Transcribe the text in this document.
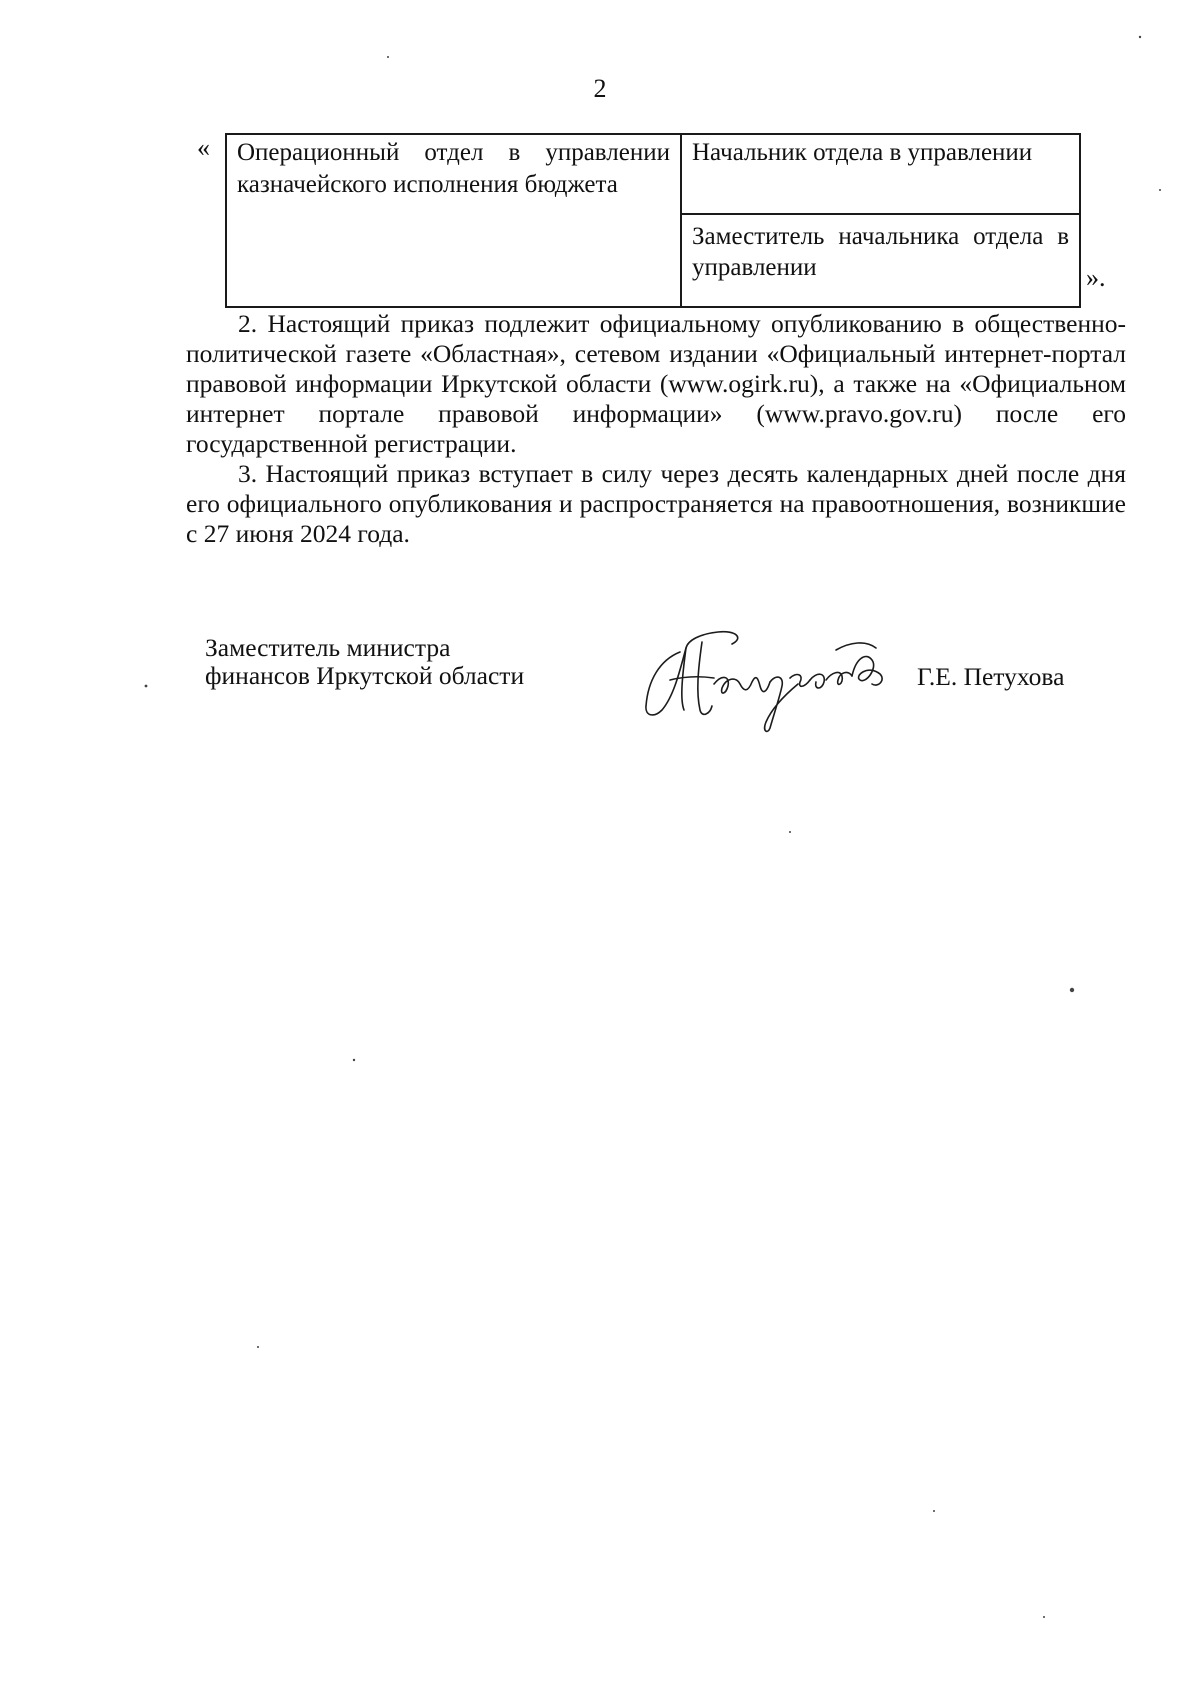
2
« Операционный отдел в управлении казначейского исполнения бюджета

Начальник отдела в управлении

Заместитель начальника отдела в управлении	».

2. Настоящий приказ подлежит официальному опубликованию в общественно-политической газете «Областная», сетевом издании «Официальный интернет-портал правовой информации Иркутской области (www.ogirk.ru), а также на «Официальном интернет портале правовой информации» (www.pravo.gov.ru) после его государственной регистрации.

3. Настоящий приказ вступает в силу через десять календарных дней после дня его официального опубликования и распространяется на правоотношения, возникшие с 27 июня 2024 года.

Заместитель министра
финансов Иркутской области	Г.Е. Петухова
